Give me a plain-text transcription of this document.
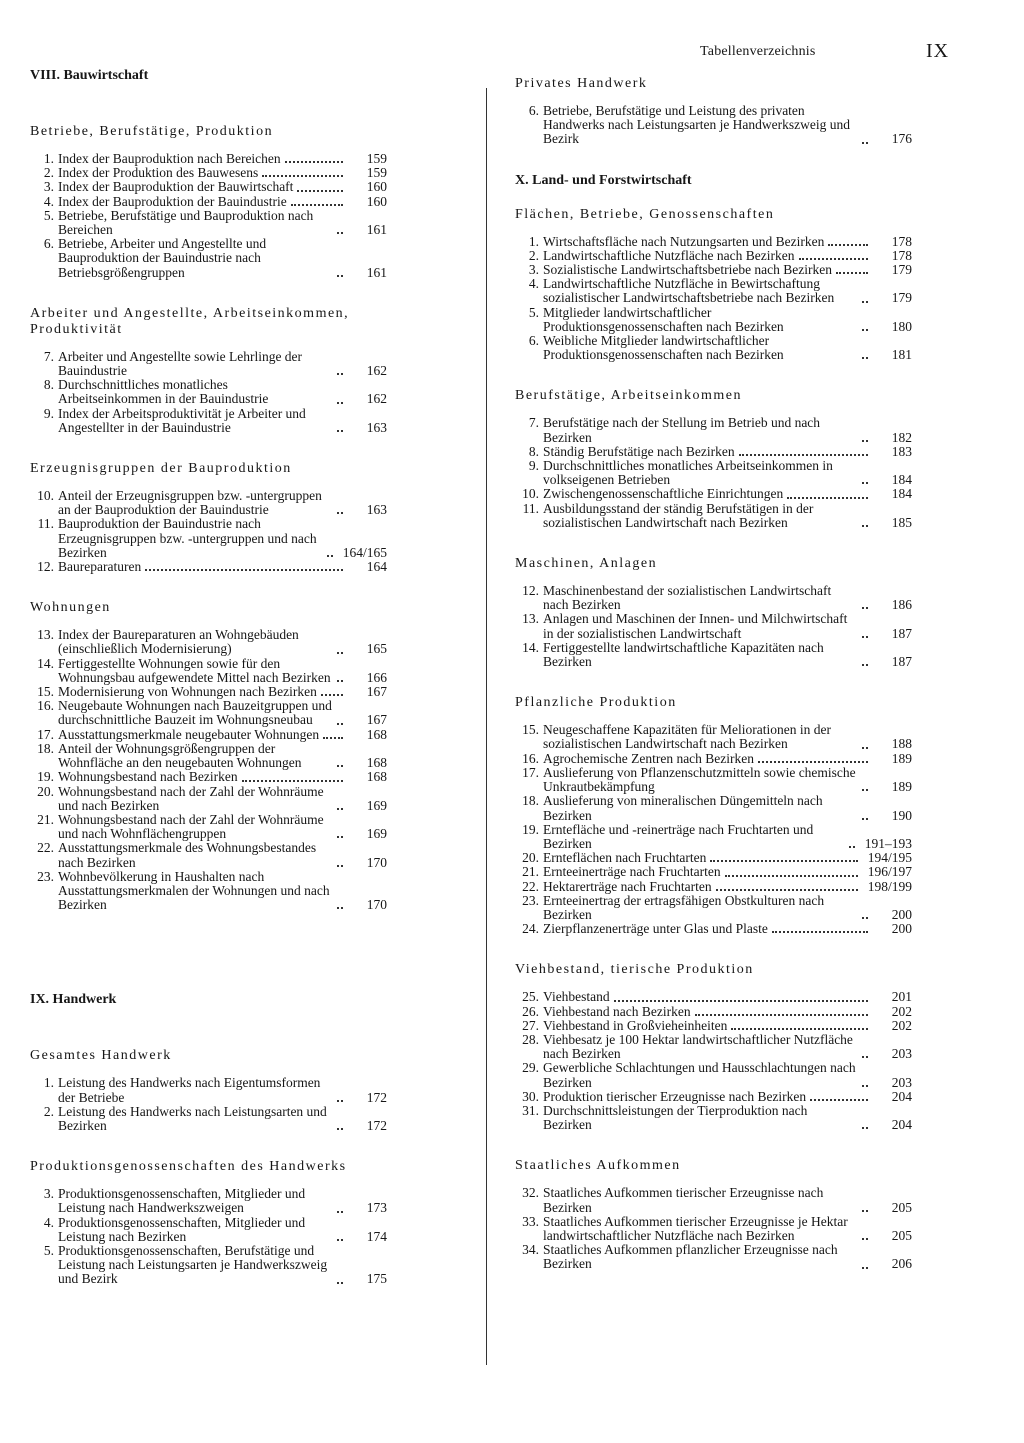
Tabellenverzeichnis	IX
VIII. Bauwirtschaft
Betriebe, Berufstätige, Produktion
1. Index der Bauproduktion nach Bereichen	159
2. Index der Produktion des Bauwesens	159
3. Index der Bauproduktion der Bauwirtschaft	160
4. Index der Bauproduktion der Bauindustrie	160
5. Betriebe, Berufstätige und Bauproduktion nach Bereichen	161
6. Betriebe, Arbeiter und Angestellte und Bauproduktion der Bauindustrie nach Betriebsgrößengruppen	161
Arbeiter und Angestellte, Arbeitseinkommen, Produktivität
7. Arbeiter und Angestellte sowie Lehrlinge der Bauindustrie	162
8. Durchschnittliches monatliches Arbeitseinkommen in der Bauindustrie	162
9. Index der Arbeitsproduktivität je Arbeiter und Angestellter in der Bauindustrie	163
Erzeugnisgruppen der Bauproduktion
10. Anteil der Erzeugnisgruppen bzw. -untergruppen an der Bauproduktion der Bauindustrie	163
11. Bauproduktion der Bauindustrie nach Erzeugnisgruppen bzw. -untergruppen und nach Bezirken	164/165
12. Baureparaturen	164
Wohnungen
13. Index der Baureparaturen an Wohngebäuden (einschließlich Modernisierung)	165
14. Fertiggestellte Wohnungen sowie für den Wohnungsbau aufgewendete Mittel nach Bezirken	166
15. Modernisierung von Wohnungen nach Bezirken	167
16. Neugebaute Wohnungen nach Bauzeitgruppen und durchschnittliche Bauzeit im Wohnungsneubau	167
17. Ausstattungsmerkmale neugebauter Wohnungen	168
18. Anteil der Wohnungsgrößengruppen der Wohnfläche an den neugebauten Wohnungen	168
19. Wohnungsbestand nach Bezirken	168
20. Wohnungsbestand nach der Zahl der Wohnräume und nach Bezirken	169
21. Wohnungsbestand nach der Zahl der Wohnräume und nach Wohnflächengruppen	169
22. Ausstattungsmerkmale des Wohnungsbestandes nach Bezirken	170
23. Wohnbevölkerung in Haushalten nach Ausstattungsmerkmalen der Wohnungen und nach Bezirken	170
IX. Handwerk
Gesamtes Handwerk
1. Leistung des Handwerks nach Eigentumsformen der Betriebe	172
2. Leistung des Handwerks nach Leistungsarten und Bezirken	172
Produktionsgenossenschaften des Handwerks
3. Produktionsgenossenschaften, Mitglieder und Leistung nach Handwerkszweigen	173
4. Produktionsgenossenschaften, Mitglieder und Leistung nach Bezirken	174
5. Produktionsgenossenschaften, Berufstätige und Leistung nach Leistungsarten je Handwerkszweig und Bezirk	175
Privates Handwerk
6. Betriebe, Berufstätige und Leistung des privaten Handwerks nach Leistungsarten je Handwerkszweig und Bezirk	176
X. Land- und Forstwirtschaft
Flächen, Betriebe, Genossenschaften
1. Wirtschaftsfläche nach Nutzungsarten und Bezirken	178
2. Landwirtschaftliche Nutzfläche nach Bezirken	178
3. Sozialistische Landwirtschaftsbetriebe nach Bezirken	179
4. Landwirtschaftliche Nutzfläche in Bewirtschaftung sozialistischer Landwirtschaftsbetriebe nach Bezirken	179
5. Mitglieder landwirtschaftlicher Produktionsgenossenschaften nach Bezirken	180
6. Weibliche Mitglieder landwirtschaftlicher Produktionsgenossenschaften nach Bezirken	181
Berufstätige, Arbeitseinkommen
7. Berufstätige nach der Stellung im Betrieb und nach Bezirken	182
8. Ständig Berufstätige nach Bezirken	183
9. Durchschnittliches monatliches Arbeitseinkommen in volkseigenen Betrieben	184
10. Zwischengenossenschaftliche Einrichtungen	184
11. Ausbildungsstand der ständig Berufstätigen in der sozialistischen Landwirtschaft nach Bezirken	185
Maschinen, Anlagen
12. Maschinenbestand der sozialistischen Landwirtschaft nach Bezirken	186
13. Anlagen und Maschinen der Innen- und Milchwirtschaft in der sozialistischen Landwirtschaft	187
14. Fertiggestellte landwirtschaftliche Kapazitäten nach Bezirken	187
Pflanzliche Produktion
15. Neugeschaffene Kapazitäten für Meliorationen in der sozialistischen Landwirtschaft nach Bezirken	188
16. Agrochemische Zentren nach Bezirken	189
17. Auslieferung von Pflanzenschutzmitteln sowie chemische Unkrautbekämpfung	189
18. Auslieferung von mineralischen Düngemitteln nach Bezirken	190
19. Erntefläche und -reinerträge nach Fruchtarten und Bezirken	191–193
20. Ernteflächen nach Fruchtarten	194/195
21. Ernteeinerträge nach Fruchtarten	196/197
22. Hektarerträge nach Fruchtarten	198/199
23. Ernteeinertrag der ertragsfähigen Obstkulturen nach Bezirken	200
24. Zierpflanzenerträge unter Glas und Plaste	200
Viehbestand, tierische Produktion
25. Viehbestand	201
26. Viehbestand nach Bezirken	202
27. Viehbestand in Großvieheinheiten	202
28. Viehbesatz je 100 Hektar landwirtschaftlicher Nutzfläche nach Bezirken	203
29. Gewerbliche Schlachtungen und Hausschlachtungen nach Bezirken	203
30. Produktion tierischer Erzeugnisse nach Bezirken	204
31. Durchschnittsleistungen der Tierproduktion nach Bezirken	204
Staatliches Aufkommen
32. Staatliches Aufkommen tierischer Erzeugnisse nach Bezirken	205
33. Staatliches Aufkommen tierischer Erzeugnisse je Hektar landwirtschaftlicher Nutzfläche nach Bezirken	205
34. Staatliches Aufkommen pflanzlicher Erzeugnisse nach Bezirken	206
